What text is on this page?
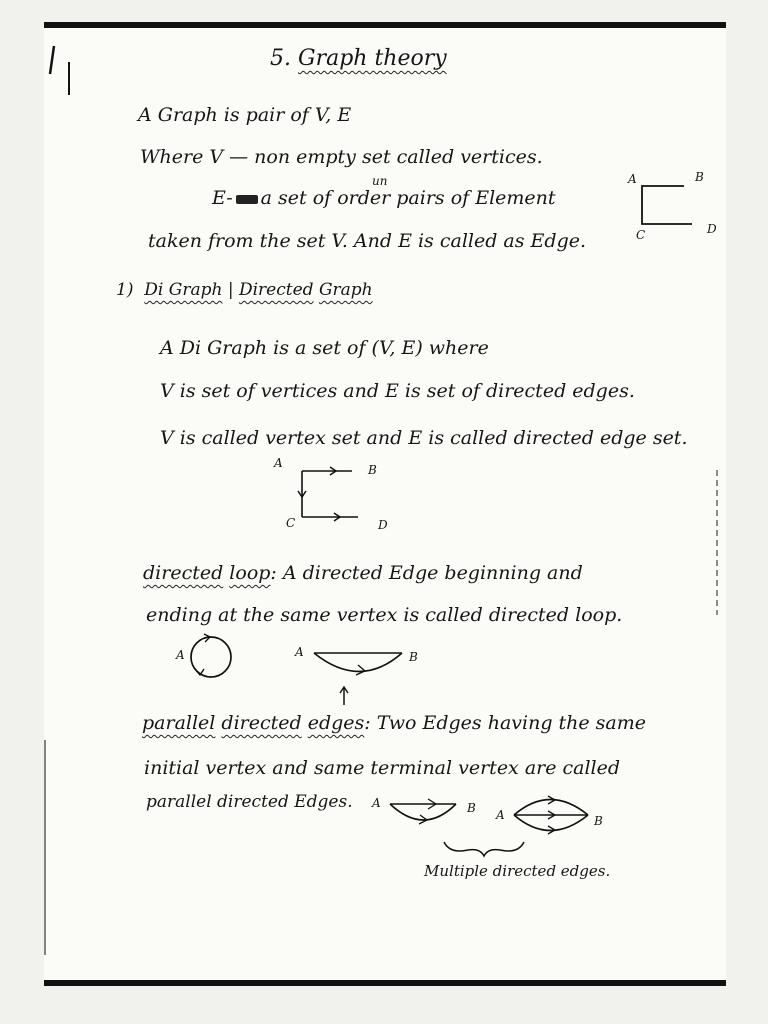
5. Graph theory
A Graph is pair of V, E
Where V — non empty set called vertices.
un
E- a set of order pairs of Element
taken from the set V. And E is called as Edge.
A	B
C	D
1) Di Graph | Directed Graph
A Di Graph is a set of (V, E) where
V is set of vertices and E is set of directed edges.
V is called vertex set and E is called directed edge set.
A	B
C	D
directed loop: A directed Edge beginning and
ending at the same vertex is called directed loop.
A	A	B
parallel directed edges: Two Edges having the same
initial vertex and same terminal vertex are called
parallel directed Edges. A	B A	B
Multiple directed edges.
